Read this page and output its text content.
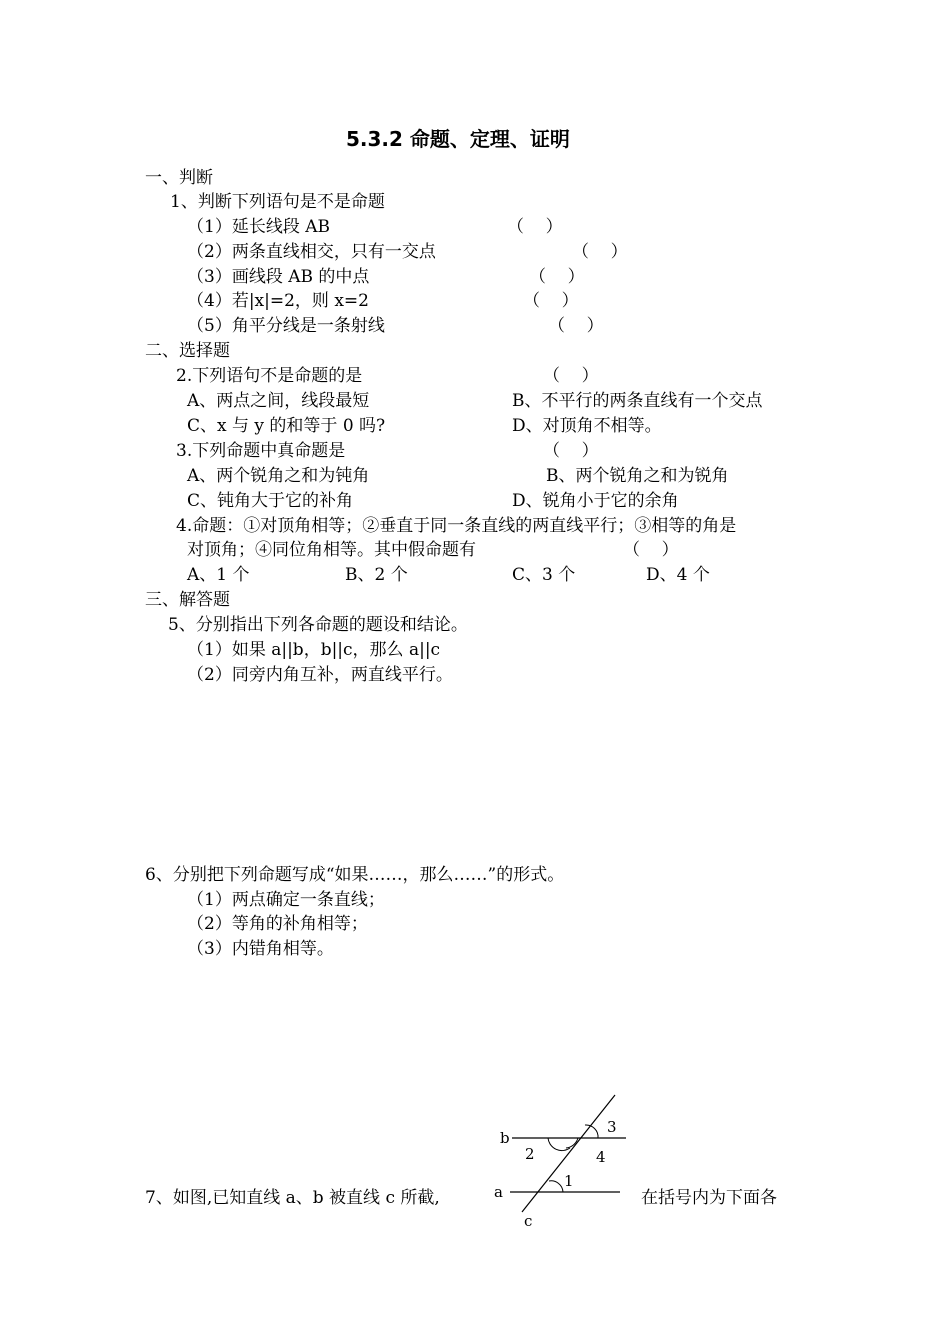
5.3.2 命题、定理、证明
一、判断
1、判断下列语句是不是命题
（1）延长线段 AB	（    ）
（2）两条直线相交，只有一交点	（    ）
（3）画线段 AB 的中点	（    ）
（4）若|x|=2，则 x=2	（    ）
（5）角平分线是一条射线	（    ）
二、选择题
2.下列语句不是命题的是	（    ）
A、两点之间，线段最短	B、不平行的两条直线有一个交点
C、x 与 y 的和等于 0 吗?	D、对顶角不相等。
3.下列命题中真命题是	（    ）
A、两个锐角之和为钝角	B、两个锐角之和为锐角
C、钝角大于它的补角	D、锐角小于它的余角
4.命题：①对顶角相等；②垂直于同一条直线的两直线平行；③相等的角是
对顶角；④同位角相等。其中假命题有	（    ）
A、1 个	B、2 个	C、3 个	D、4 个
三、解答题
5、分别指出下列各命题的题设和结论。
（1）如果 a||b，b||c，那么 a||c
（2）同旁内角互补，两直线平行。
6、分别把下列命题写成“如果……，那么……”的形式。
（1）两点确定一条直线；
（2）等角的补角相等；
（3）内错角相等。
7、如图,已知直线 a、b 被直线 c 所截,	在括号内为下面各
b
a
c
2	4
3
1
